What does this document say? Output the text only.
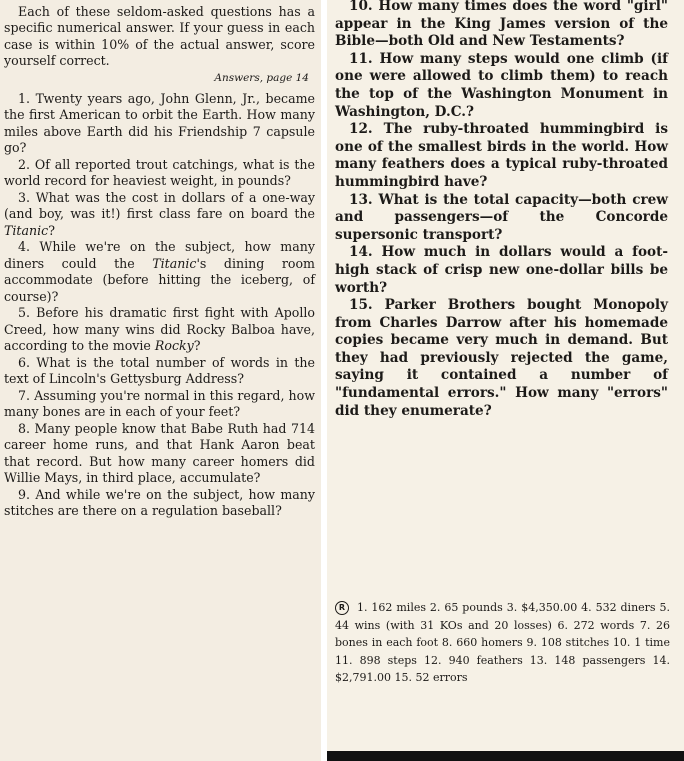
Each of these seldom-asked questions has a specific numerical answer. If your guess in each case is within 10% of the actual answer, score yourself correct.

Answers, page 14

1. Twenty years ago, John Glenn, Jr., became the first American to orbit the Earth. How many miles above Earth did his Friendship 7 capsule go?

2. Of all reported trout catchings, what is the world record for heaviest weight, in pounds?

3. What was the cost in dollars of a one-way (and boy, was it!) first class fare on board the Titanic?

4. While we're on the subject, how many diners could the Titanic's dining room accommodate (before hitting the iceberg, of course)?

5. Before his dramatic first fight with Apollo Creed, how many wins did Rocky Balboa have, according to the movie Rocky?

6. What is the total number of words in the text of Lincoln's Gettysburg Address?

7. Assuming you're normal in this regard, how many bones are in each of your feet?

8. Many people know that Babe Ruth had 714 career home runs, and that Hank Aaron beat that record. But how many career homers did Willie Mays, in third place, accumulate?

9. And while we're on the subject, how many stitches are there on a regulation baseball?

10. How many times does the word "girl" appear in the King James version of the Bible—both Old and New Testaments?

11. How many steps would one climb (if one were allowed to climb them) to reach the top of the Washington Monument in Washington, D.C.?

12. The ruby-throated hummingbird is one of the smallest birds in the world. How many feathers does a typical ruby-throated hummingbird have?

13. What is the total capacity—both crew and passengers—of the Concorde supersonic transport?

14. How much in dollars would a foot-high stack of crisp new one-dollar bills be worth?

15. Parker Brothers bought Monopoly from Charles Darrow after his homemade copies became very much in demand. But they had previously rejected the game, saying it contained a number of "fundamental errors." How many "errors" did they enumerate?

R 1. 162 miles 2. 65 pounds 3. $4,350.00 4. 532 diners 5. 44 wins (with 31 KOs and 20 losses) 6. 272 words 7. 26 bones in each foot 8. 660 homers 9. 108 stitches 10. 1 time 11. 898 steps 12. 940 feathers 13. 148 passengers 14. $2,791.00 15. 52 errors
